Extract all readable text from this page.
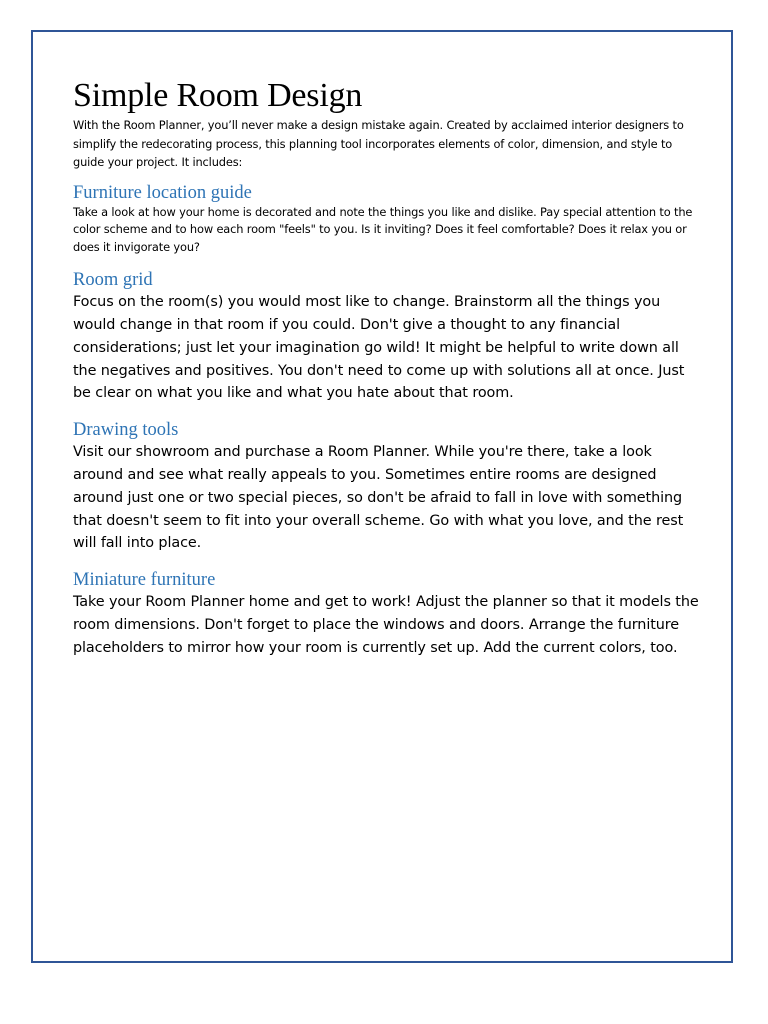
Simple Room Design

With the Room Planner, you’ll never make a design mistake again. Created by acclaimed interior designers to simplify the redecorating process, this planning tool incorporates elements of color, dimension, and style to guide your project. It includes:

Furniture location guide

Take a look at how your home is decorated and note the things you like and dislike. Pay special attention to the color scheme and to how each room "feels" to you. Is it inviting? Does it feel comfortable? Does it relax you or does it invigorate you?

Room grid

Focus on the room(s) you would most like to change. Brainstorm all the things you would change in that room if you could. Don't give a thought to any financial considerations; just let your imagination go wild! It might be helpful to write down all the negatives and positives. You don't need to come up with solutions all at once. Just be clear on what you like and what you hate about that room.

Drawing tools

Visit our showroom and purchase a Room Planner. While you're there, take a look around and see what really appeals to you. Sometimes entire rooms are designed around just one or two special pieces, so don't be afraid to fall in love with something that doesn't seem to fit into your overall scheme. Go with what you love, and the rest will fall into place.

Miniature furniture

Take your Room Planner home and get to work! Adjust the planner so that it models the room dimensions. Don't forget to place the windows and doors. Arrange the furniture placeholders to mirror how your room is currently set up. Add the current colors, too.
